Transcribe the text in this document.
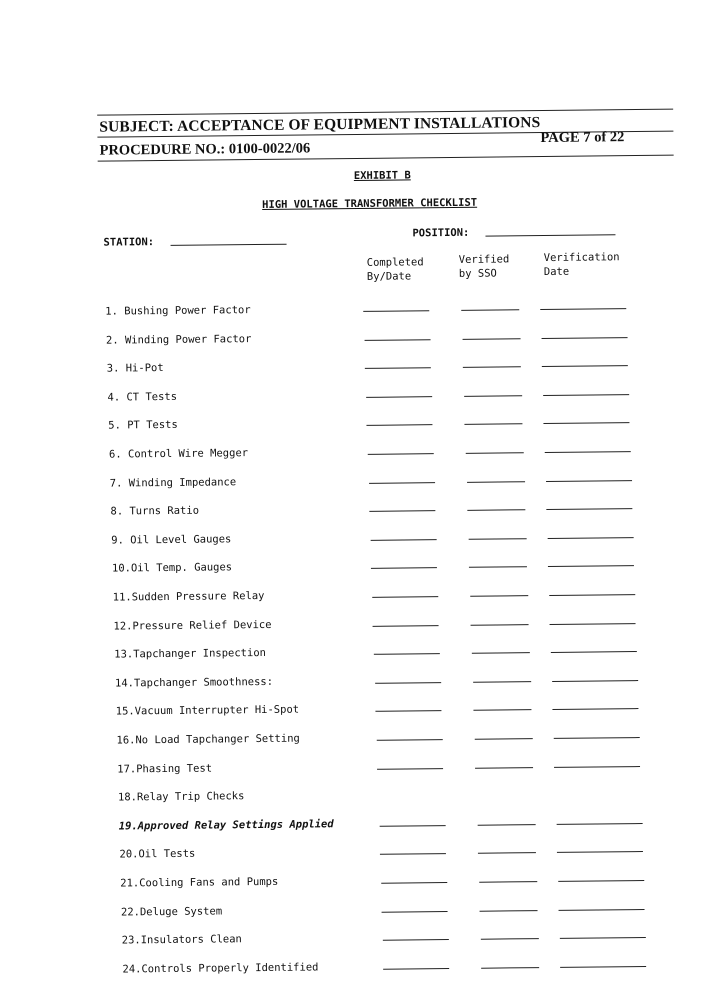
SUBJECT: ACCEPTANCE OF EQUIPMENT INSTALLATIONS
PROCEDURE NO.: 0100-0022/06
PAGE 7 of 22
EXHIBIT B
HIGH VOLTAGE TRANSFORMER CHECKLIST
STATION:
POSITION:
Completed
By/Date
Verified
by SSO
Verification
Date
1. Bushing Power Factor
2. Winding Power Factor
3. Hi-Pot
4. CT Tests
5. PT Tests
6. Control Wire Megger
7. Winding Impedance
8. Turns Ratio
9. Oil Level Gauges
10.Oil Temp. Gauges
11.Sudden Pressure Relay
12.Pressure Relief Device
13.Tapchanger Inspection
14.Tapchanger Smoothness:
15.Vacuum Interrupter Hi-Spot
16.No Load Tapchanger Setting
17.Phasing Test
18.Relay Trip Checks
19.Approved Relay Settings Applied
20.Oil Tests
21.Cooling Fans and Pumps
22.Deluge System
23.Insulators Clean
24.Controls Properly Identified
